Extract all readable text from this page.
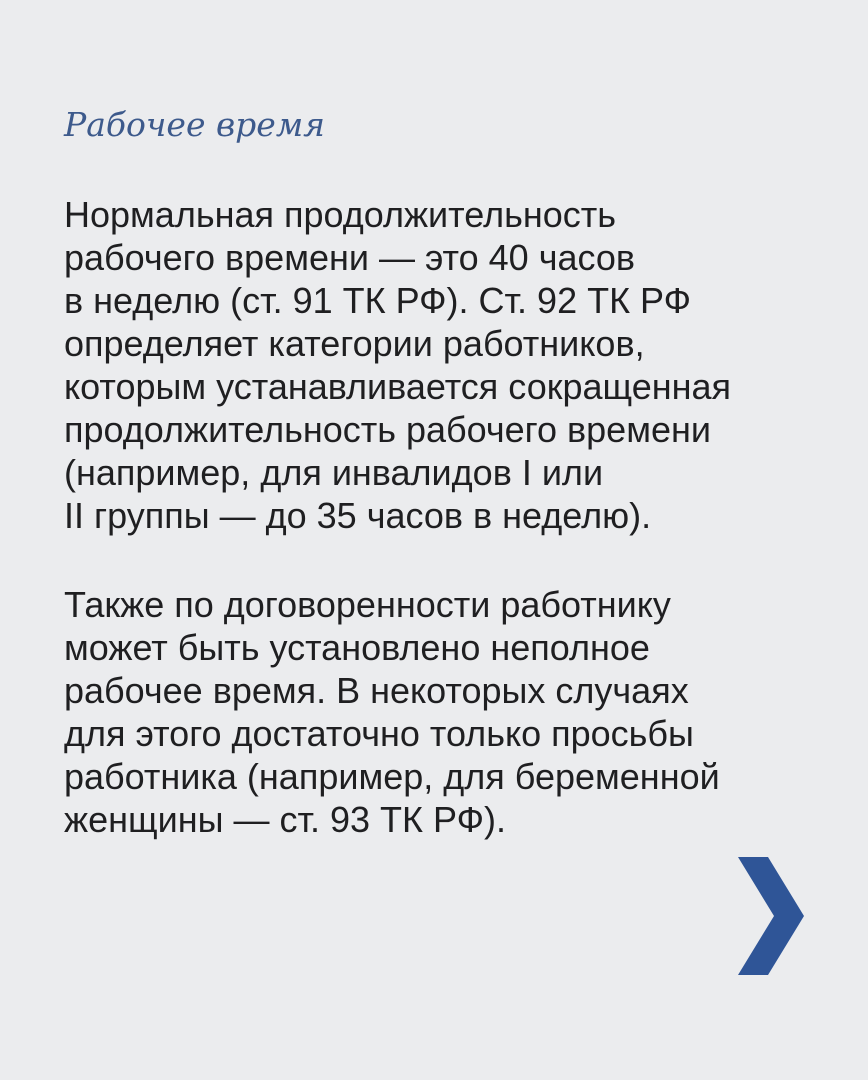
Рабочее время

Нормальная продолжительность
рабочего времени — это 40 часов
в неделю (ст. 91 ТК РФ). Ст. 92 ТК РФ
определяет категории работников,
которым устанавливается сокращенная
продолжительность рабочего времени
(например, для инвалидов I или
II группы — до 35 часов в неделю).

Также по договоренности работнику
может быть установлено неполное
рабочее время. В некоторых случаях
для этого достаточно только просьбы
работника (например, для беременной
женщины — ст. 93 ТК РФ).
